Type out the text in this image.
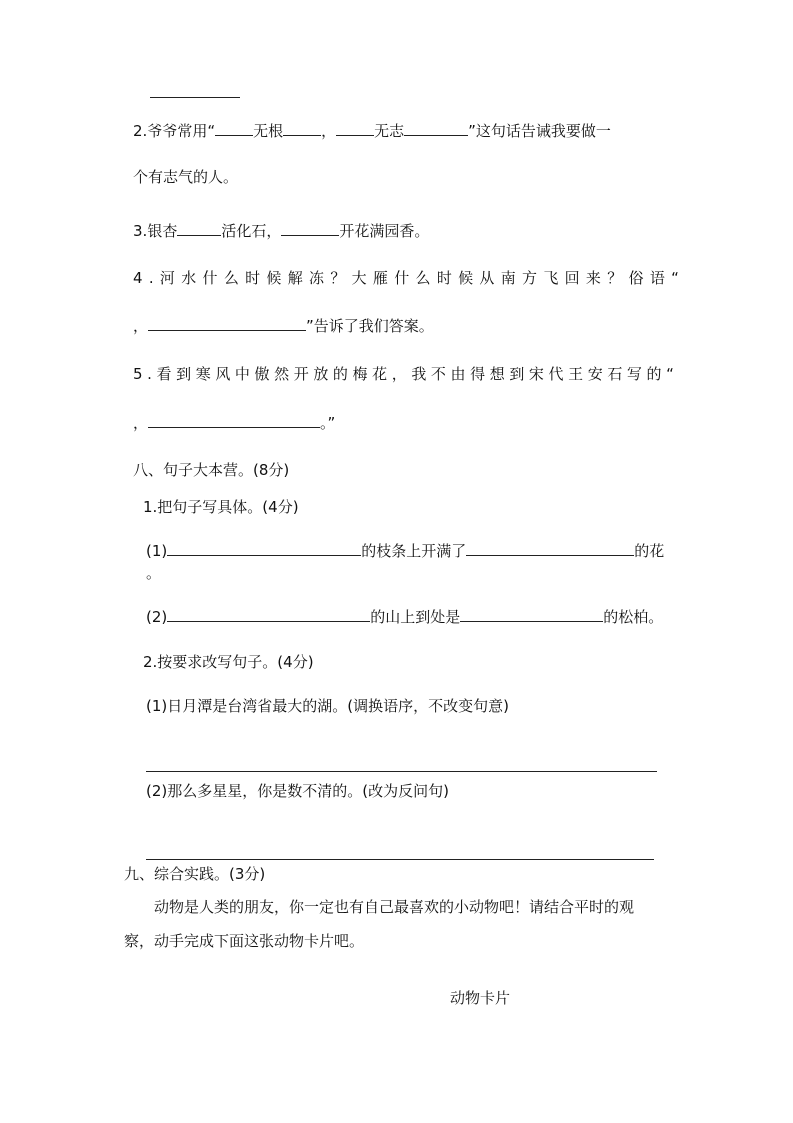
2.爷爷常用“	无根	，	无志	”这句话告诫我要做一
个有志气的人。
3.银杏	活化石，	开花满园香。
4.河水什么时候解冻？大雁什么时候从南方飞回来？俗语“
，	”告诉了我们答案。
5.看到寒风中傲然开放的梅花，我不由得想到宋代王安石写的“
，	。”
八、句子大本营。(8分)
1.把句子写具体。(4分)
(1)	的枝条上开满了	的花
。
(2)	的山上到处是	的松柏。
2.按要求改写句子。(4分)
(1)日月潭是台湾省最大的湖。(调换语序，不改变句意)
(2)那么多星星，你是数不清的。(改为反问句)
九、综合实践。(3分)
动物是人类的朋友，你一定也有自己最喜欢的小动物吧！请结合平时的观
察，动手完成下面这张动物卡片吧。
动物卡片
